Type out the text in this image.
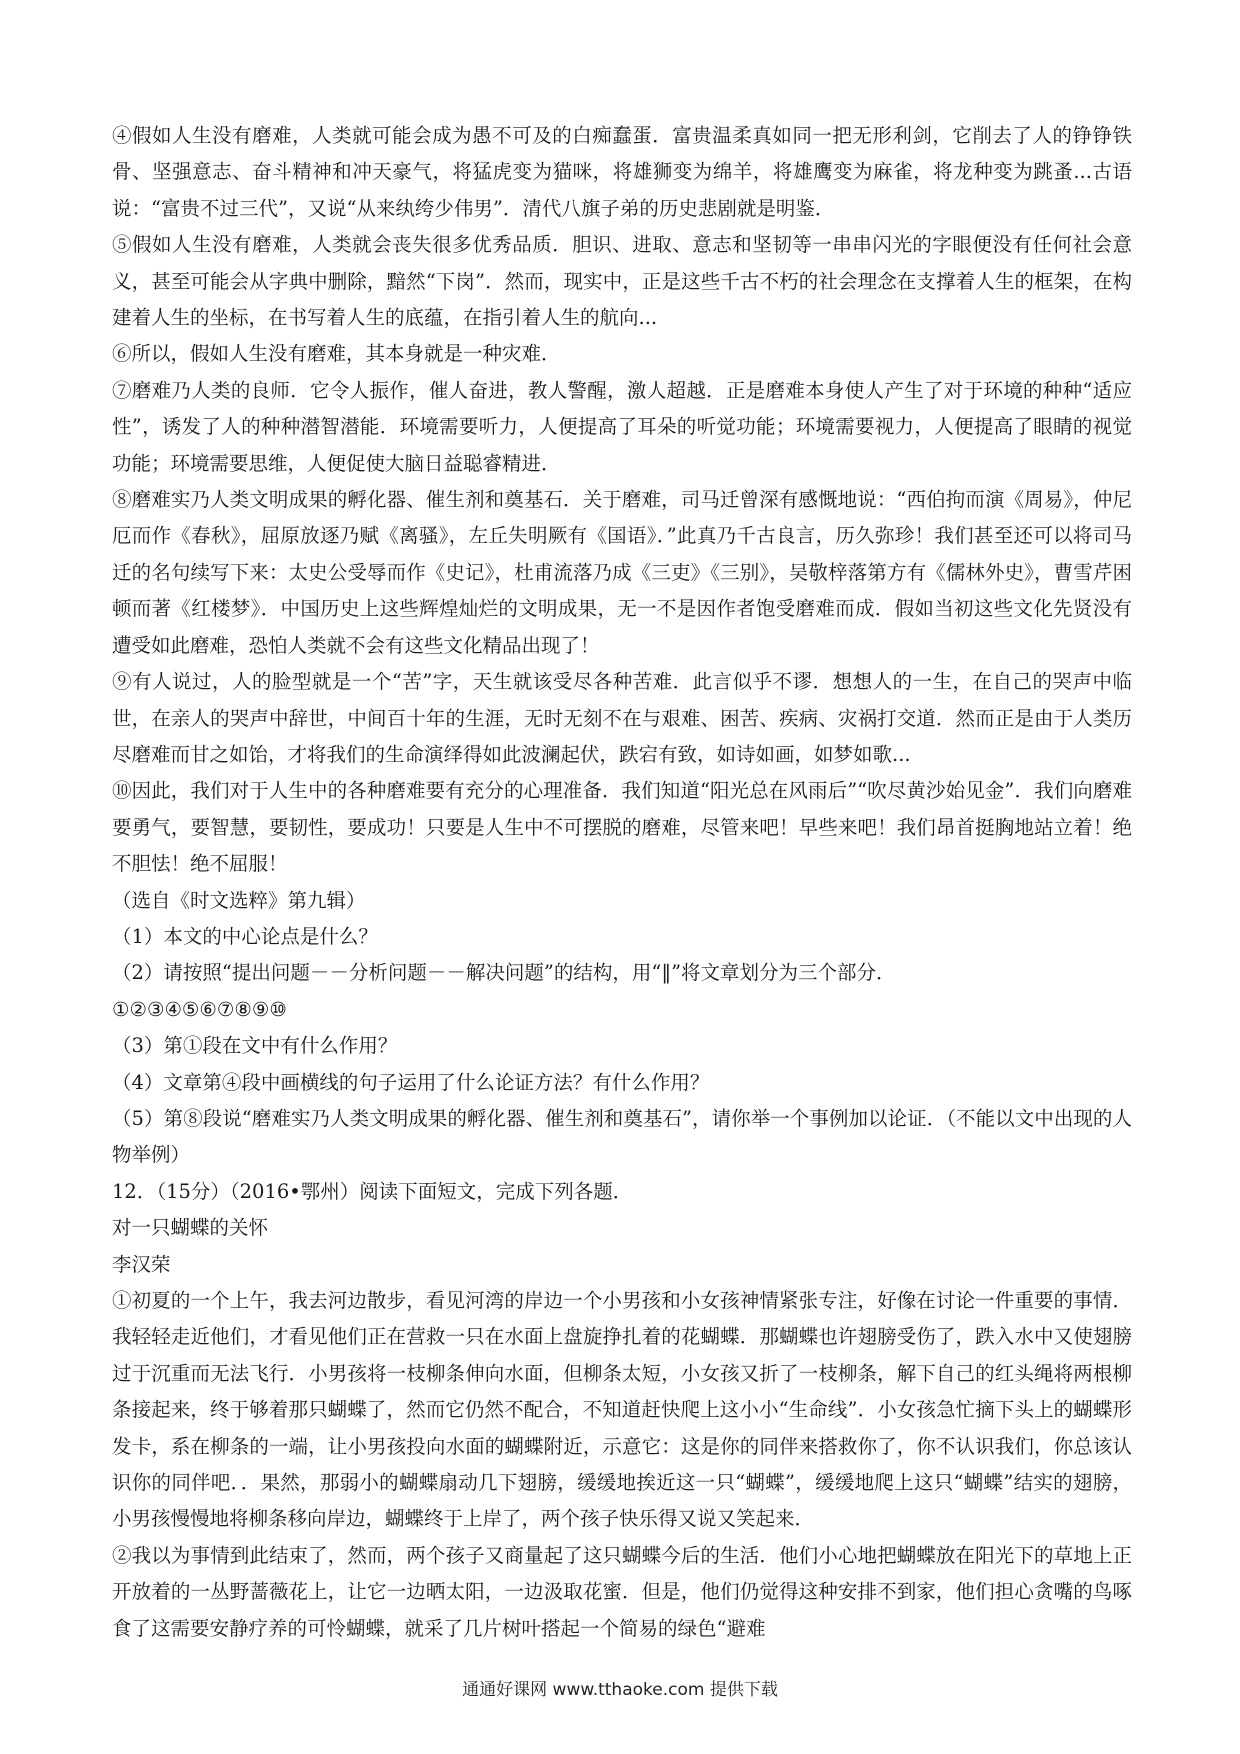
④假如人生没有磨难，人类就可能会成为愚不可及的白痴蠢蛋．富贵温柔真如同一把无形利剑，它削去了人的铮铮铁骨、坚强意志、奋斗精神和冲天豪气，将猛虎变为猫咪，将雄狮变为绵羊，将雄鹰变为麻雀，将龙种变为跳蚤...古语说：“富贵不过三代”，又说“从来纨绔少伟男”．清代八旗子弟的历史悲剧就是明鉴．

⑤假如人生没有磨难，人类就会丧失很多优秀品质．胆识、进取、意志和坚韧等一串串闪光的字眼便没有任何社会意义，甚至可能会从字典中删除，黯然“下岗”．然而，现实中，正是这些千古不朽的社会理念在支撑着人生的框架，在构建着人生的坐标，在书写着人生的底蕴，在指引着人生的航向...

⑥所以，假如人生没有磨难，其本身就是一种灾难．

⑦磨难乃人类的良师．它令人振作，催人奋进，教人警醒，激人超越．正是磨难本身使人产生了对于环境的种种“适应性”，诱发了人的种种潜智潜能．环境需要听力，人便提高了耳朵的听觉功能；环境需要视力，人便提高了眼睛的视觉功能；环境需要思维，人便促使大脑日益聪睿精进．

⑧磨难实乃人类文明成果的孵化器、催生剂和奠基石．关于磨难，司马迁曾深有感慨地说：“西伯拘而演《周易》，仲尼厄而作《春秋》，屈原放逐乃赋《离骚》，左丘失明厥有《国语》．”此真乃千古良言，历久弥珍！我们甚至还可以将司马迁的名句续写下来：太史公受辱而作《史记》，杜甫流落乃成《三吏》《三别》，吴敬梓落第方有《儒林外史》，曹雪芹困顿而著《红楼梦》．中国历史上这些辉煌灿烂的文明成果，无一不是因作者饱受磨难而成．假如当初这些文化先贤没有遭受如此磨难，恐怕人类就不会有这些文化精品出现了！

⑨有人说过，人的脸型就是一个“苦”字，天生就该受尽各种苦难．此言似乎不谬．想想人的一生，在自己的哭声中临世，在亲人的哭声中辞世，中间百十年的生涯，无时无刻不在与艰难、困苦、疾病、灾祸打交道．然而正是由于人类历尽磨难而甘之如饴，才将我们的生命演绎得如此波澜起伏，跌宕有致，如诗如画，如梦如歌...

⑩因此，我们对于人生中的各种磨难要有充分的心理准备．我们知道“阳光总在风雨后”“吹尽黄沙始见金”．我们向磨难要勇气，要智慧，要韧性，要成功！只要是人生中不可摆脱的磨难，尽管来吧！早些来吧！我们昂首挺胸地站立着！绝不胆怯！绝不屈服！

（选自《时文选粹》第九辑）

（1）本文的中心论点是什么？

（2）请按照“提出问题－－分析问题－－解决问题”的结构，用“‖”将文章划分为三个部分．

①②③④⑤⑥⑦⑧⑨⑩

（3）第①段在文中有什么作用？

（4）文章第④段中画横线的句子运用了什么论证方法？有什么作用？

（5）第⑧段说“磨难实乃人类文明成果的孵化器、催生剂和奠基石”，请你举一个事例加以论证．（不能以文中出现的人物举例）

12．（15分）（2016•鄂州）阅读下面短文，完成下列各题．

对一只蝴蝶的关怀

李汉荣

①初夏的一个上午，我去河边散步，看见河湾的岸边一个小男孩和小女孩神情紧张专注，好像在讨论一件重要的事情．我轻轻走近他们，才看见他们正在营救一只在水面上盘旋挣扎着的花蝴蝶．那蝴蝶也许翅膀受伤了，跌入水中又使翅膀过于沉重而无法飞行．小男孩将一枝柳条伸向水面，但柳条太短，小女孩又折了一枝柳条，解下自己的红头绳将两根柳条接起来，终于够着那只蝴蝶了，然而它仍然不配合，不知道赶快爬上这小小“生命线”．小女孩急忙摘下头上的蝴蝶形发卡，系在柳条的一端，让小男孩投向水面的蝴蝶附近，示意它：这是你的同伴来搭救你了，你不认识我们，你总该认识你的同伴吧．．果然，那弱小的蝴蝶扇动几下翅膀，缓缓地挨近这一只“蝴蝶”，缓缓地爬上这只“蝴蝶”结实的翅膀，小男孩慢慢地将柳条移向岸边，蝴蝶终于上岸了，两个孩子快乐得又说又笑起来．

②我以为事情到此结束了，然而，两个孩子又商量起了这只蝴蝶今后的生活．他们小心地把蝴蝶放在阳光下的草地上正开放着的一丛野蔷薇花上，让它一边晒太阳，一边汲取花蜜．但是，他们仍觉得这种安排不到家，他们担心贪嘴的鸟啄食了这需要安静疗养的可怜蝴蝶，就采了几片树叶搭起一个简易的绿色“避难

通通好课网 www.tthaoke.com 提供下载
